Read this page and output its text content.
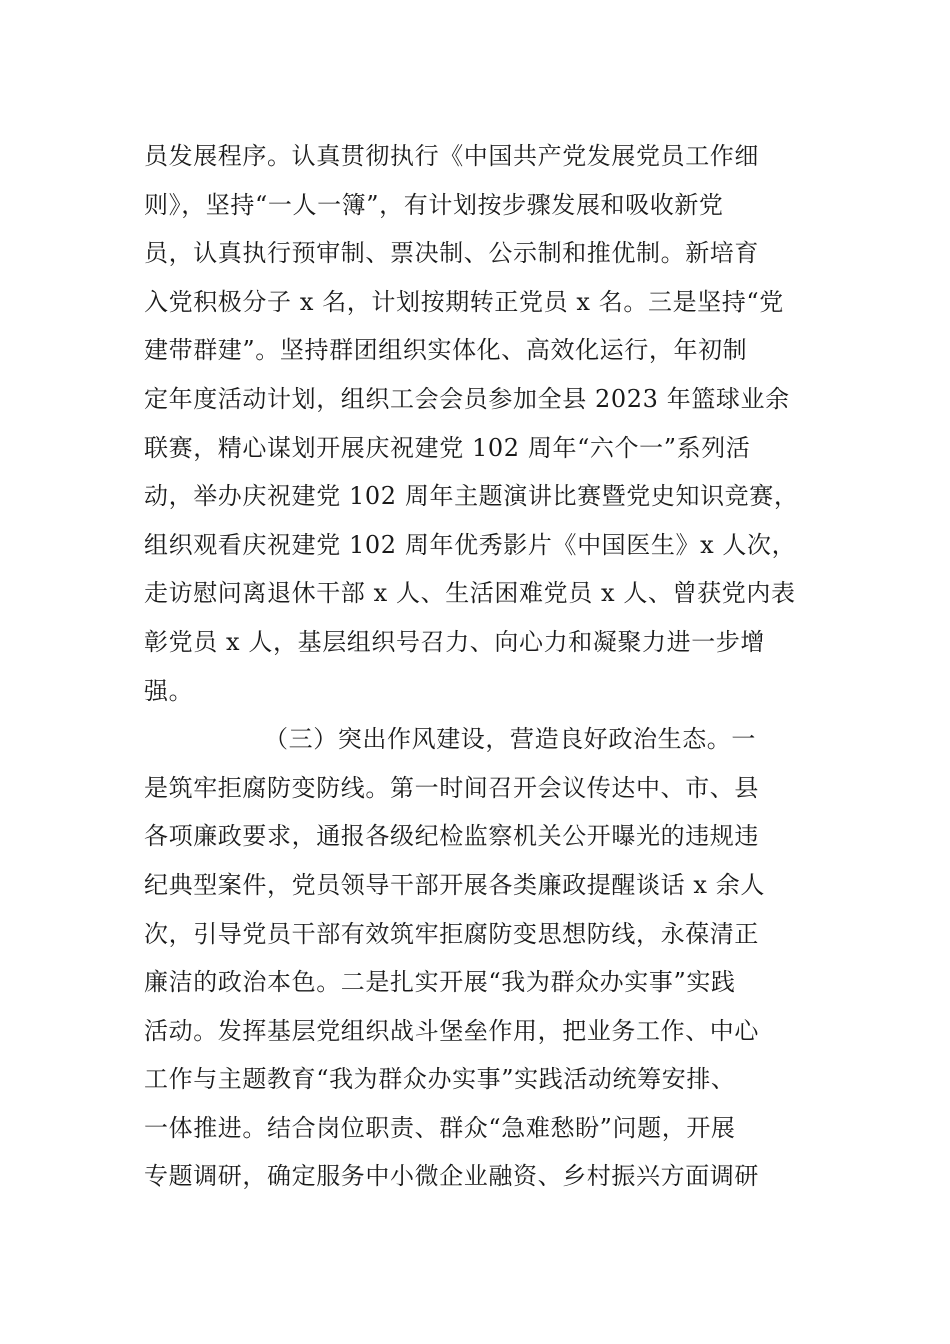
员发展程序。认真贯彻执行《中国共产党发展党员工作细
则》，坚持“一人一簿”，有计划按步骤发展和吸收新党
员，认真执行预审制、票决制、公示制和推优制。新培育
入党积极分子 x 名，计划按期转正党员 x 名。三是坚持“党
建带群建”。坚持群团组织实体化、高效化运行，年初制
定年度活动计划，组织工会会员参加全县 2023 年篮球业余
联赛，精心谋划开展庆祝建党 102 周年“六个一”系列活
动，举办庆祝建党 102 周年主题演讲比赛暨党史知识竞赛，
组织观看庆祝建党 102 周年优秀影片《中国医生》x 人次，
走访慰问离退休干部 x 人、生活困难党员 x 人、曾获党内表
彰党员 x 人，基层组织号召力、向心力和凝聚力进一步增
强。
（三）突出作风建设，营造良好政治生态。一
是筑牢拒腐防变防线。第一时间召开会议传达中、市、县
各项廉政要求，通报各级纪检监察机关公开曝光的违规违
纪典型案件，党员领导干部开展各类廉政提醒谈话 x 余人
次，引导党员干部有效筑牢拒腐防变思想防线，永葆清正
廉洁的政治本色。二是扎实开展“我为群众办实事”实践
活动。发挥基层党组织战斗堡垒作用，把业务工作、中心
工作与主题教育“我为群众办实事”实践活动统筹安排、
一体推进。结合岗位职责、群众“急难愁盼”问题，开展
专题调研，确定服务中小微企业融资、乡村振兴方面调研
